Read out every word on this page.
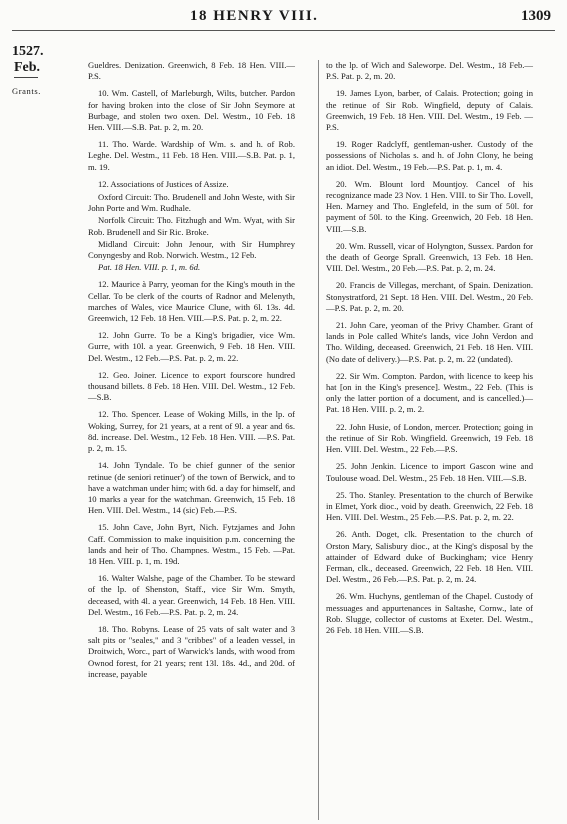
18 HENRY VIII.	1309
1527.
Feb.
Grants.

Gueldres. Denization. Greenwich, 8 Feb. 18 Hen. VIII.—P.S.

10. Wm. Castell, of Marleburgh, Wilts, butcher. Pardon for having broken into the close of Sir John Seymore at Burbage, and stolen two oxen. Del. Westm., 10 Feb. 18 Hen. VIII.—S.B. Pat. p. 2, m. 20.

11. Tho. Warde. Wardship of Wm. s. and h. of Rob. Leghe. Del. Westm., 11 Feb. 18 Hen. VIII.—S.B. Pat. p. 1, m. 19.

12. Associations of Justices of Assize.

Oxford Circuit: Tho. Brudenell and John Weste, with Sir John Porte and Wm. Rudhale.

Norfolk Circuit: Tho. Fitzhugh and Wm. Wyat, with Sir Rob. Brudenell and Sir Ric. Broke.

Midland Circuit: John Jenour, with Sir Humphrey Conyngesby and Rob. Norwich. Westm., 12 Feb.

Pat. 18 Hen. VIII. p. 1, m. 6d.

12. Maurice à Parry, yeoman for the King's mouth in the Cellar. To be clerk of the courts of Radnor and Melenyth, marches of Wales, vice Maurice Clune, with 6l. 13s. 4d. Greenwich, 12 Feb. 18 Hen. VIII.—P.S. Pat. p. 2, m. 22.

12. John Gurre. To be a King's brigadier, vice Wm. Gurre, with 10l. a year. Greenwich, 9 Feb. 18 Hen. VIII. Del. Westm., 12 Feb.—P.S. Pat. p. 2, m. 22.

12. Geo. Joiner. Licence to export fourscore hundred thousand billets. 8 Feb. 18 Hen. VIII. Del. Westm., 12 Feb.—S.B.

12. Tho. Spencer. Lease of Woking Mills, in the lp. of Woking, Surrey, for 21 years, at a rent of 9l. a year and 6s. 8d. increase. Del. Westm., 12 Feb. 18 Hen. VIII. —P.S. Pat. p. 2, m. 15.

14. John Tyndale. To be chief gunner of the senior retinue (de seniori retinuer') of the town of Berwick, and to have a watchman under him; with 6d. a day for himself, and 10 marks a year for the watchman. Greenwich, 15 Feb. 18 Hen. VIII. Del. Westm., 14 (sic) Feb.—P.S.

15. John Cave, John Byrt, Nich. Fytzjames and John Caff. Commission to make inquisition p.m. concerning the lands and heir of Tho. Champnes. Westm., 15 Feb. —Pat. 18 Hen. VIII. p. 1, m. 19d.

16. Walter Walshe, page of the Chamber. To be steward of the lp. of Shenston, Staff., vice Sir Wm. Smyth, deceased, with 4l. a year. Greenwich, 14 Feb. 18 Hen. VIII. Del. Westm., 16 Feb.—P.S. Pat. p. 2, m. 24.

18. Tho. Robyns. Lease of 25 vats of salt water and 3 salt pits or "seales," and 3 "cribbes" of a leaden vessel, in Droitwich, Worc., part of Warwick's lands, with wood from Ownod forest, for 21 years; rent 13l. 18s. 4d., and 20d. of increase, payable

to the lp. of Wich and Saleworpe. Del. Westm., 18 Feb.—P.S. Pat. p. 2, m. 20.

19. James Lyon, barber, of Calais. Protection; going in the retinue of Sir Rob. Wingfield, deputy of Calais. Greenwich, 19 Feb. 18 Hen. VIII. Del. Westm., 19 Feb. —P.S.

19. Roger Radclyff, gentleman-usher. Custody of the possessions of Nicholas s. and h. of John Clony, he being an idiot. Del. Westm., 19 Feb.—P.S. Pat. p. 1, m. 4.

20. Wm. Blount lord Mountjoy. Cancel of his recognizance made 23 Nov. 1 Hen. VIII. to Sir Tho. Lovell, Hen. Marney and Tho. Englefeld, in the sum of 50l. for payment of 50l. to the King. Greenwich, 20 Feb. 18 Hen. VIII.—S.B.

20. Wm. Russell, vicar of Holyngton, Sussex. Pardon for the death of George Sprall. Greenwich, 13 Feb. 18 Hen. VIII. Del. Westm., 20 Feb.—P.S. Pat. p. 2, m. 24.

20. Francis de Villegas, merchant, of Spain. Denization. Stonystratford, 21 Sept. 18 Hen. VIII. Del. Westm., 20 Feb.—P.S. Pat. p. 2, m. 20.

21. John Care, yeoman of the Privy Chamber. Grant of lands in Pole called White's lands, vice John Verdon and Tho. Wilding, deceased. Greenwich, 21 Feb. 18 Hen. VIII. (No date of delivery.)—P.S. Pat. p. 2, m. 22 (undated).

22. Sir Wm. Compton. Pardon, with licence to keep his hat [on in the King's presence]. Westm., 22 Feb. (This is only the latter portion of a document, and is cancelled.)—Pat. 18 Hen. VIII. p. 2, m. 2.

22. John Husie, of London, mercer. Protection; going in the retinue of Sir Rob. Wingfield. Greenwich, 19 Feb. 18 Hen. VIII. Del. Westm., 22 Feb.—P.S.

25. John Jenkin. Licence to import Gascon wine and Toulouse woad. Del. Westm., 25 Feb. 18 Hen. VIII.—S.B.

25. Tho. Stanley. Presentation to the church of Berwike in Elmet, York dioc., void by death. Greenwich, 22 Feb. 18 Hen. VIII. Del. Westm., 25 Feb.—P.S. Pat. p. 2, m. 22.

26. Anth. Doget, clk. Presentation to the church of Orston Mary, Salisbury dioc., at the King's disposal by the attainder of Edward duke of Buckingham; vice Henry Ferman, clk., deceased. Greenwich, 22 Feb. 18 Hen. VIII. Del. Westm., 26 Feb.—P.S. Pat. p. 2, m. 24.

26. Wm. Huchyns, gentleman of the Chapel. Custody of messuages and appurtenances in Saltashe, Cornw., late of Rob. Slugge, collector of customs at Exeter. Del. Westm., 26 Feb. 18 Hen. VIII.—S.B.
